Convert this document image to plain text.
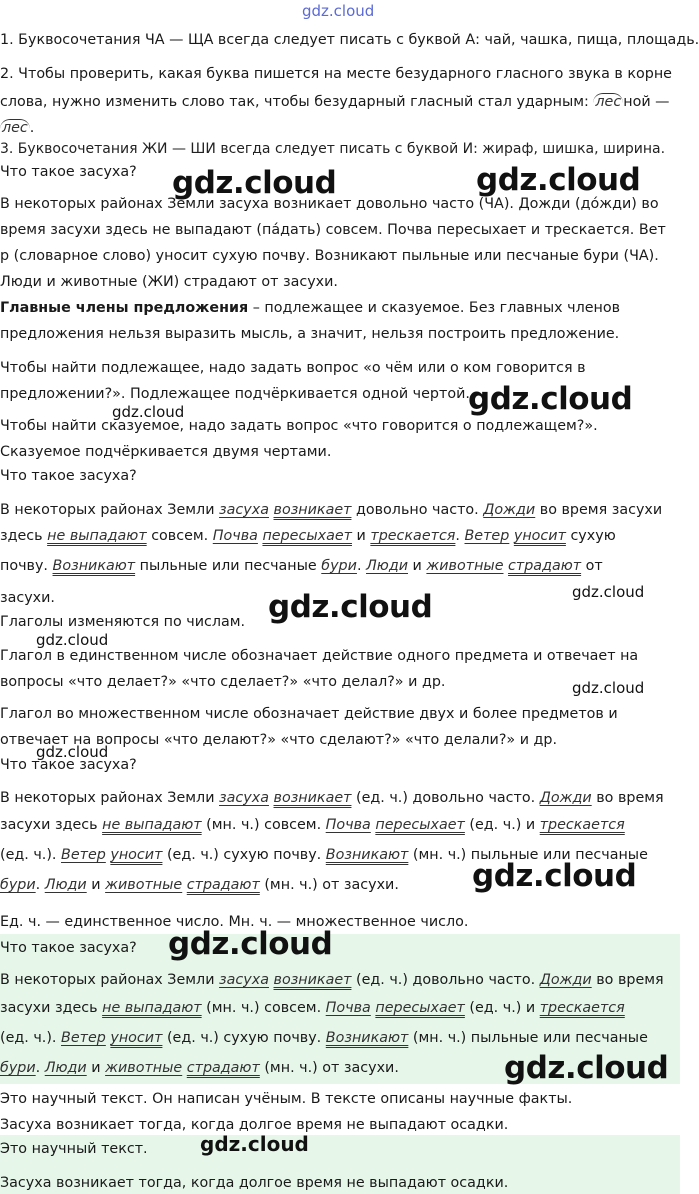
gdz.cloud
1. Буквосочетания ЧА — ЩА всегда следует писать с буквой А: чай, чашка, пища, площадь.
2. Чтобы проверить, какая буква пишется на месте безударного гласного звука в корне
слова, нужно изменить слово так, чтобы безударный гласный стал ударным: лес ной —
лес .
3. Буквосочетания ЖИ — ШИ всегда следует писать с буквой И: жираф, шишка, ширина.
Что такое засуха?
В некоторых районах Земли засуха возникает довольно часто (ЧА). Дожди (до́жди) во
время засухи здесь не выпадают (па́дать) совсем. Почва пересыхает и трескается. Вет
р (словарное слово) уносит сухую почву. Возникают пыльные или песчаные бури (ЧА).
Люди и животные (ЖИ) страдают от засухи.
Главные члены предложения – подлежащее и сказуемое. Без главных членов
предложения нельзя выразить мысль, а значит, нельзя построить предложение.
Чтобы найти подлежащее, надо задать вопрос «о чём или о ком говорится в
предложении?». Подлежащее подчёркивается одной чертой.
Чтобы найти сказуемое, надо задать вопрос «что говорится о подлежащем?».
Сказуемое подчёркивается двумя чертами.
Что такое засуха?
В некоторых районах Земли засуха возникает довольно часто. Дожди во время засухи
здесь не выпадают совсем. Почва пересыхает и трескается. Ветер уносит сухую
почву. Возникают пыльные или песчаные бури. Люди и животные страдают от
засухи.
Глаголы изменяются по числам.
Глагол в единственном числе обозначает действие одного предмета и отвечает на
вопросы «что делает?» «что сделает?» «что делал?» и др.
Глагол во множественном числе обозначает действие двух и более предметов и
отвечает на вопросы «что делают?» «что сделают?» «что делали?» и др.
Что такое засуха?
В некоторых районах Земли засуха возникает (ед. ч.) довольно часто. Дожди во время
засухи здесь не выпадают (мн. ч.) совсем. Почва пересыхает (ед. ч.) и трескается
(ед. ч.). Ветер уносит (ед. ч.) сухую почву. Возникают (мн. ч.) пыльные или песчаные
бури. Люди и животные страдают (мн. ч.) от засухи.
Ед. ч. — единственное число. Мн. ч. — множественное число.
Что такое засуха?
В некоторых районах Земли засуха возникает (ед. ч.) довольно часто. Дожди во время
засухи здесь не выпадают (мн. ч.) совсем. Почва пересыхает (ед. ч.) и трескается
(ед. ч.). Ветер уносит (ед. ч.) сухую почву. Возникают (мн. ч.) пыльные или песчаные
бури. Люди и животные страдают (мн. ч.) от засухи.
Это научный текст. Он написан учёным. В тексте описаны научные факты.
Засуха возникает тогда, когда долгое время не выпадают осадки.
Это научный текст.
Засуха возникает тогда, когда долгое время не выпадают осадки.
gdz.cloud	gdz.cloud
gdz.cloud
gdz.cloud
gdz.cloud
gdz.cloud
gdz.cloud
gdz.cloud
gdz.cloud
gdz.cloud
gdz.cloud
gdz.cloud
gdz.cloud
